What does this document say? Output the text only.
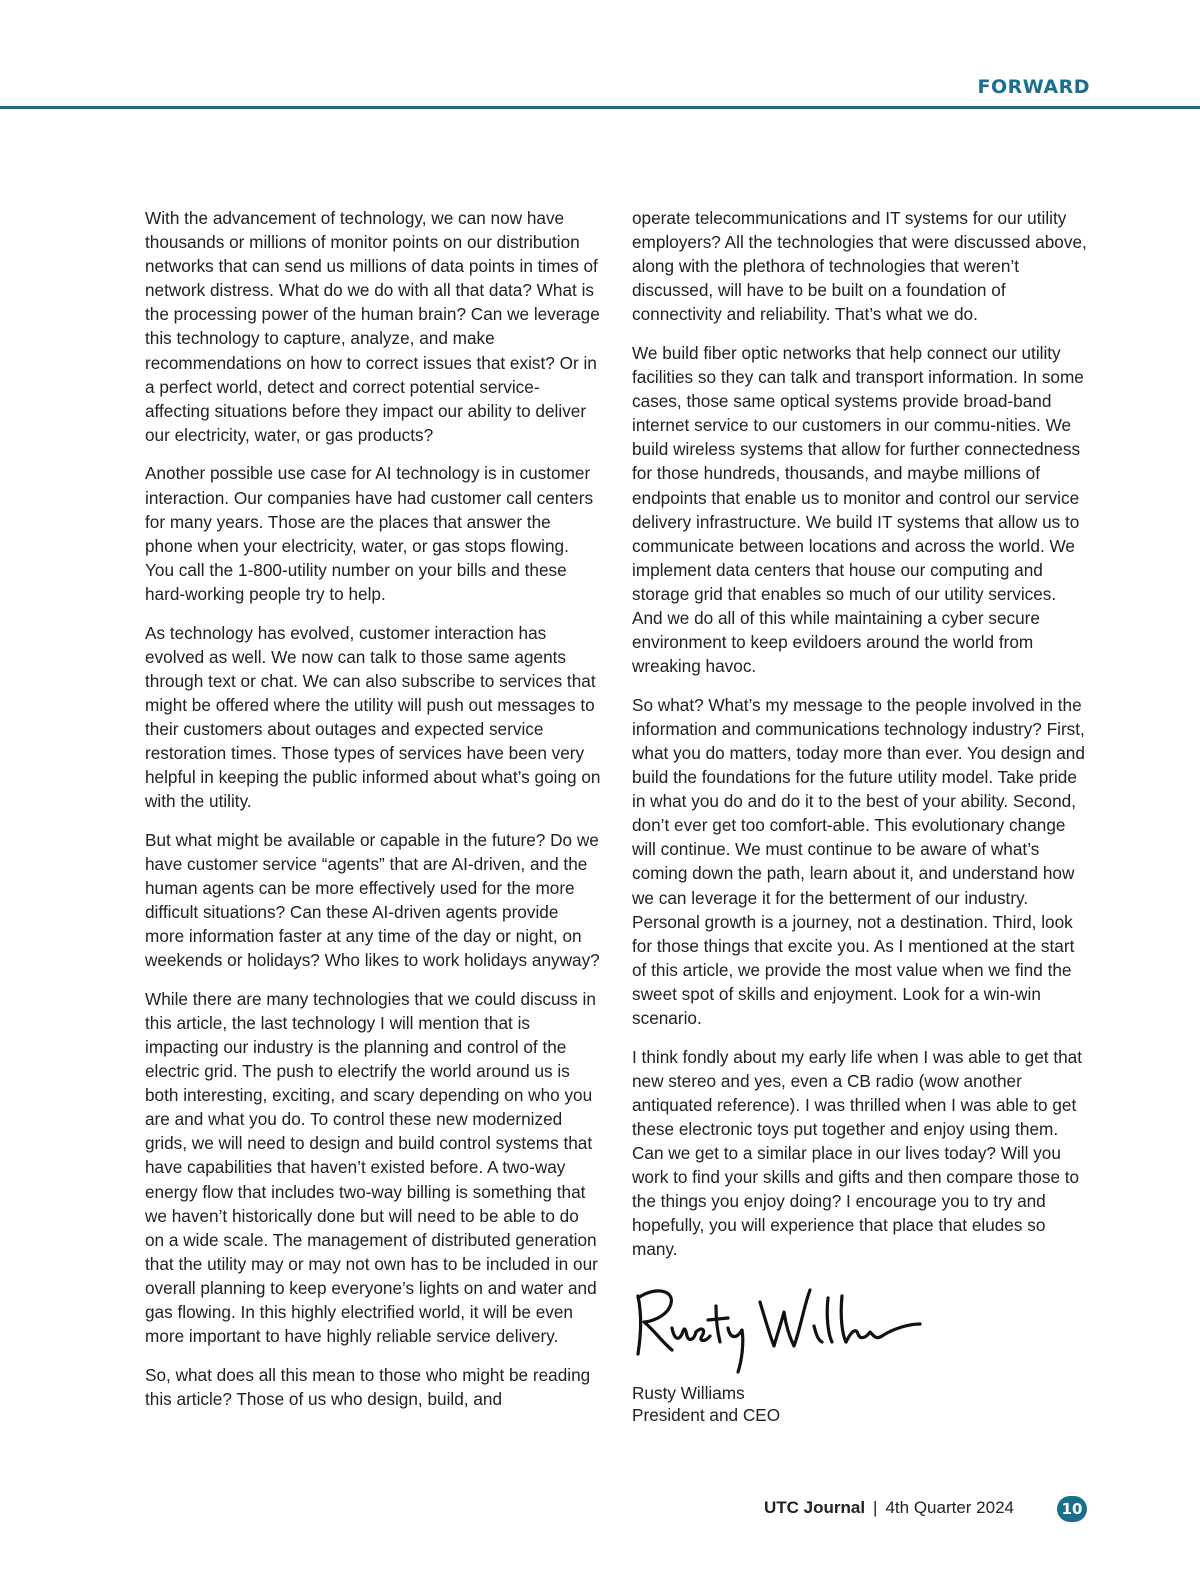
FORWARD

With the advancement of technology, we can now have thousands or millions of monitor points on our distribution networks that can send us millions of data points in times of network distress. What do we do with all that data? What is the processing power of the human brain? Can we leverage this technology to capture, analyze, and make recommendations on how to correct issues that exist? Or in a perfect world, detect and correct potential service-affecting situations before they impact our ability to deliver our electricity, water, or gas products?

Another possible use case for AI technology is in customer interaction. Our companies have had customer call centers for many years. Those are the places that answer the phone when your electricity, water, or gas stops flowing. You call the 1-800-utility number on your bills and these hard-working people try to help.

As technology has evolved, customer interaction has evolved as well. We now can talk to those same agents through text or chat. We can also subscribe to services that might be offered where the utility will push out messages to their customers about outages and expected service restoration times. Those types of services have been very helpful in keeping the public informed about what’s going on with the utility.

But what might be available or capable in the future? Do we have customer service “agents” that are AI-driven, and the human agents can be more effectively used for the more difficult situations? Can these AI-driven agents provide more information faster at any time of the day or night, on weekends or holidays? Who likes to work holidays anyway?

While there are many technologies that we could discuss in this article, the last technology I will mention that is impacting our industry is the planning and control of the electric grid. The push to electrify the world around us is both interesting, exciting, and scary depending on who you are and what you do. To control these new modernized grids, we will need to design and build control systems that have capabilities that haven’t existed before. A two-way energy flow that includes two-way billing is something that we haven’t historically done but will need to be able to do on a wide scale. The management of distributed generation that the utility may or may not own has to be included in our overall planning to keep everyone’s lights on and water and gas flowing. In this highly electrified world, it will be even more important to have highly reliable service delivery.

So, what does all this mean to those who might be reading this article? Those of us who design, build, and

operate telecommunications and IT systems for our utility employers? All the technologies that were discussed above, along with the plethora of technologies that weren’t discussed, will have to be built on a foundation of connectivity and reliability. That’s what we do.

We build fiber optic networks that help connect our utility facilities so they can talk and transport information. In some cases, those same optical systems provide broad-band internet service to our customers in our commu-nities. We build wireless systems that allow for further connectedness for those hundreds, thousands, and maybe millions of endpoints that enable us to monitor and control our service delivery infrastructure. We build IT systems that allow us to communicate between locations and across the world. We implement data centers that house our computing and storage grid that enables so much of our utility services. And we do all of this while maintaining a cyber secure environment to keep evildoers around the world from wreaking havoc.

So what? What’s my message to the people involved in the information and communications technology industry? First, what you do matters, today more than ever. You design and build the foundations for the future utility model. Take pride in what you do and do it to the best of your ability. Second, don’t ever get too comfort-able. This evolutionary change will continue. We must continue to be aware of what’s coming down the path, learn about it, and understand how we can leverage it for the betterment of our industry. Personal growth is a journey, not a destination. Third, look for those things that excite you. As I mentioned at the start of this article, we provide the most value when we find the sweet spot of skills and enjoyment. Look for a win-win scenario.

I think fondly about my early life when I was able to get that new stereo and yes, even a CB radio (wow another antiquated reference). I was thrilled when I was able to get these electronic toys put together and enjoy using them. Can we get to a similar place in our lives today? Will you work to find your skills and gifts and then compare those to the things you enjoy doing? I encourage you to try and hopefully, you will experience that place that eludes so many.

Rusty Williams
President and CEO
UTC Journal | 4th Quarter 2024	10
